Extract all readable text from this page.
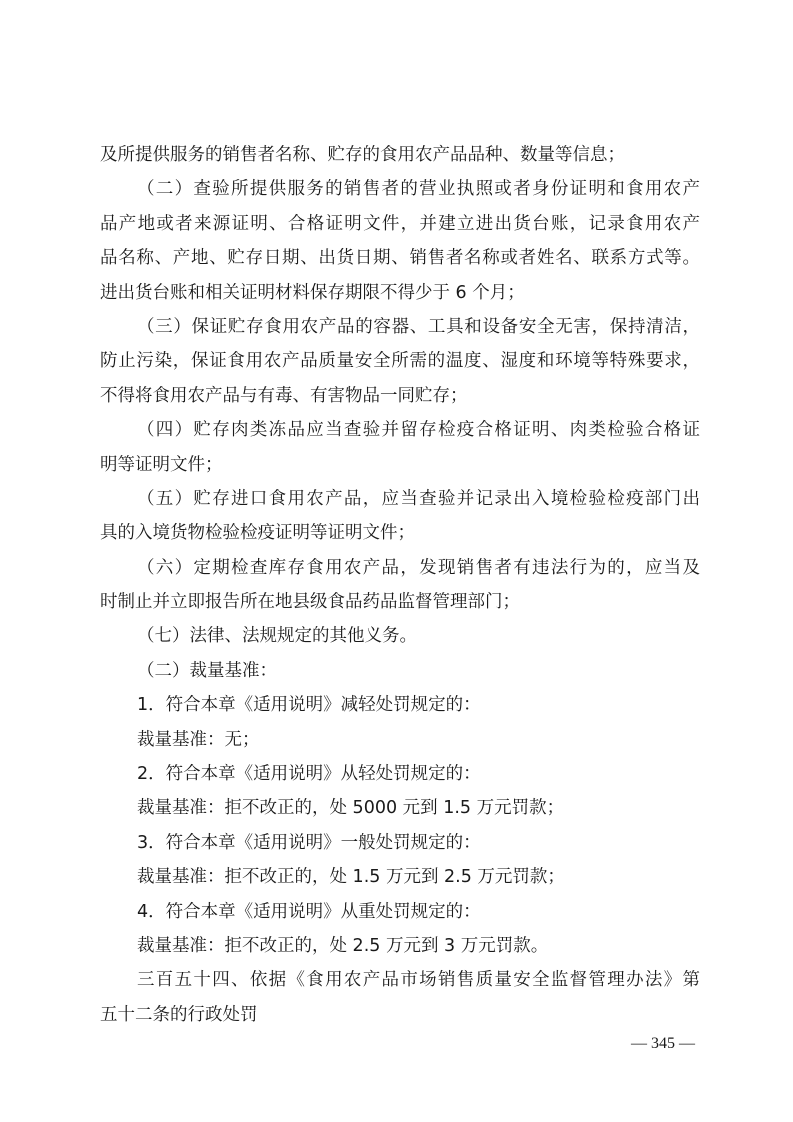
及所提供服务的销售者名称、贮存的食用农产品品种、数量等信息；
（二）查验所提供服务的销售者的营业执照或者身份证明和食用农产
品产地或者来源证明、合格证明文件，并建立进出货台账，记录食用农产
品名称、产地、贮存日期、出货日期、销售者名称或者姓名、联系方式等。
进出货台账和相关证明材料保存期限不得少于 6 个月；
（三）保证贮存食用农产品的容器、工具和设备安全无害，保持清洁，
防止污染，保证食用农产品质量安全所需的温度、湿度和环境等特殊要求，
不得将食用农产品与有毒、有害物品一同贮存；
（四）贮存肉类冻品应当查验并留存检疫合格证明、肉类检验合格证
明等证明文件；
（五）贮存进口食用农产品，应当查验并记录出入境检验检疫部门出
具的入境货物检验检疫证明等证明文件；
（六）定期检查库存食用农产品，发现销售者有违法行为的，应当及
时制止并立即报告所在地县级食品药品监督管理部门；
（七）法律、法规规定的其他义务。
（二）裁量基准：
1．符合本章《适用说明》减轻处罚规定的：
裁量基准：无；
2．符合本章《适用说明》从轻处罚规定的：
裁量基准：拒不改正的，处 5000 元到 1.5 万元罚款；
3．符合本章《适用说明》一般处罚规定的：
裁量基准：拒不改正的，处 1.5 万元到 2.5 万元罚款；
4．符合本章《适用说明》从重处罚规定的：
裁量基准：拒不改正的，处 2.5 万元到 3 万元罚款。
三百五十四、依据《食用农产品市场销售质量安全监督管理办法》第
五十二条的行政处罚
— 345 —
